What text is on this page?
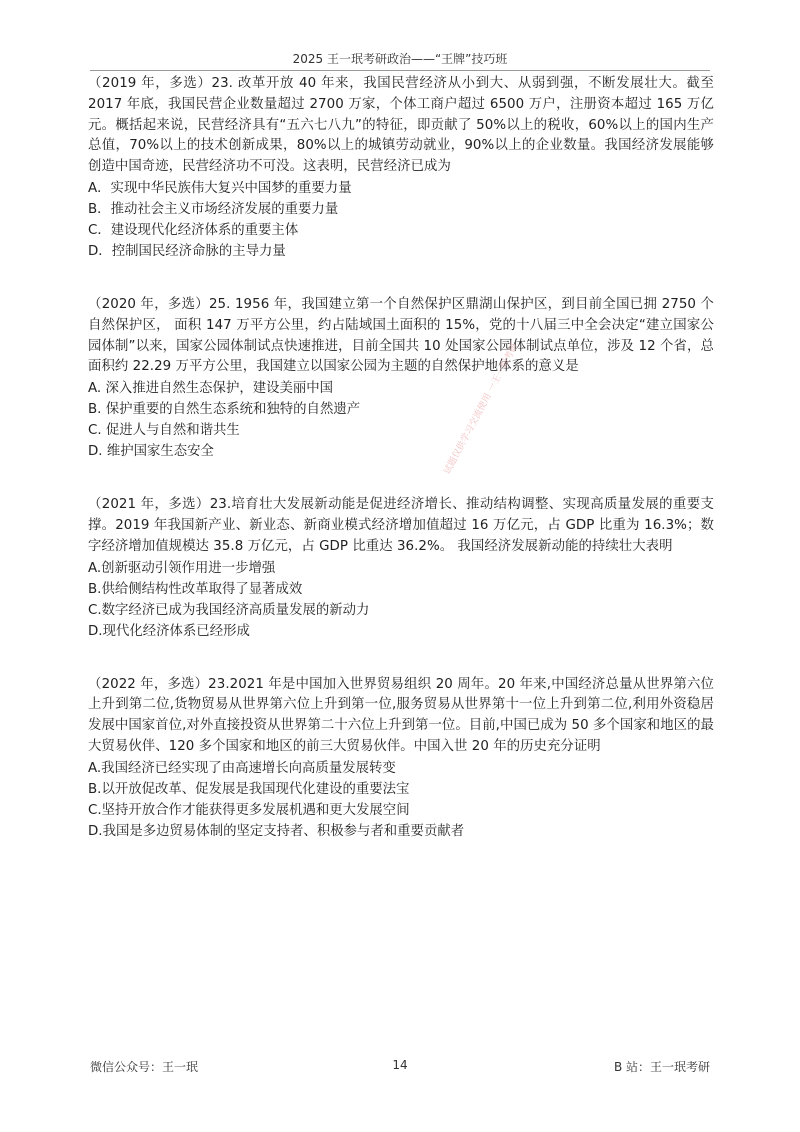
2025 王一珉考研政治——“王牌”技巧班

（2019 年，多选）23. 改革开放 40 年来，我国民营经济从小到大、从弱到强，不断发展壮大。截至 2017 年底，我国民营企业数量超过 2700 万家，个体工商户超过 6500 万户，注册资本超过 165 万亿元。概括起来说，民营经济具有“五六七八九”的特征，即贡献了 50%以上的税收，60%以上的国内生产总值，70%以上的技术创新成果，80%以上的城镇劳动就业，90%以上的企业数量。我国经济发展能够创造中国奇迹，民营经济功不可没。这表明，民营经济已成为

A．实现中华民族伟大复兴中国梦的重要力量
B．推动社会主义市场经济发展的重要力量
C．建设现代化经济体系的重要主体
D．控制国民经济命脉的主导力量

（2020 年，多选）25. 1956 年，我国建立第一个自然保护区鼎湖山保护区，到目前全国已拥 2750 个自然保护区， 面积 147 万平方公里，约占陆域国土面积的 15%，党的十八届三中全会决定“建立国家公园体制”以来，国家公园体制试点快速推进，目前全国共 10 处国家公园体制试点单位，涉及 12 个省，总面积约 22.29 万平方公里，我国建立以国家公园为主题的自然保护地体系的意义是

A. 深入推进自然生态保护，建设美丽中国
B. 保护重要的自然生态系统和独特的自然遗产
C. 促进人与自然和谐共生
D. 维护国家生态安全

（2021 年，多选）23.培育壮大发展新动能是促进经济增长、推动结构调整、实现高质量发展的重要支撑。2019 年我国新产业、新业态、新商业模式经济增加值超过 16 万亿元，占 GDP 比重为 16.3%；数字经济增加值规模达 35.8 万亿元，占 GDP 比重达 36.2%。 我国经济发展新动能的持续壮大表明

A.创新驱动引领作用进一步增强
B.供给侧结构性改革取得了显著成效
C.数字经济已成为我国经济高质量发展的新动力
D.现代化经济体系已经形成

（2022 年，多选）23.2021 年是中国加入世界贸易组织 20 周年。20 年来,中国经济总量从世界第六位上升到第二位,货物贸易从世界第六位上升到第一位,服务贸易从世界第十一位上升到第二位,利用外资稳居发展中国家首位,对外直接投资从世界第二十六位上升到第一位。目前,中国已成为 50 多个国家和地区的最大贸易伙伴、120 多个国家和地区的前三大贸易伙伴。中国入世 20 年的历史充分证明

A.我国经济已经实现了由高速增长向高质量发展转变
B.以开放促改革、促发展是我国现代化建设的重要法宝
C.坚持开放合作才能获得更多发展机遇和更大发展空间
D.我国是多边贸易体制的坚定支持者、积极参与者和重要贡献者
试题仅供学习交流使用 一王一珉考研
微信公众号：王一珉	14	B 站：王一珉考研
